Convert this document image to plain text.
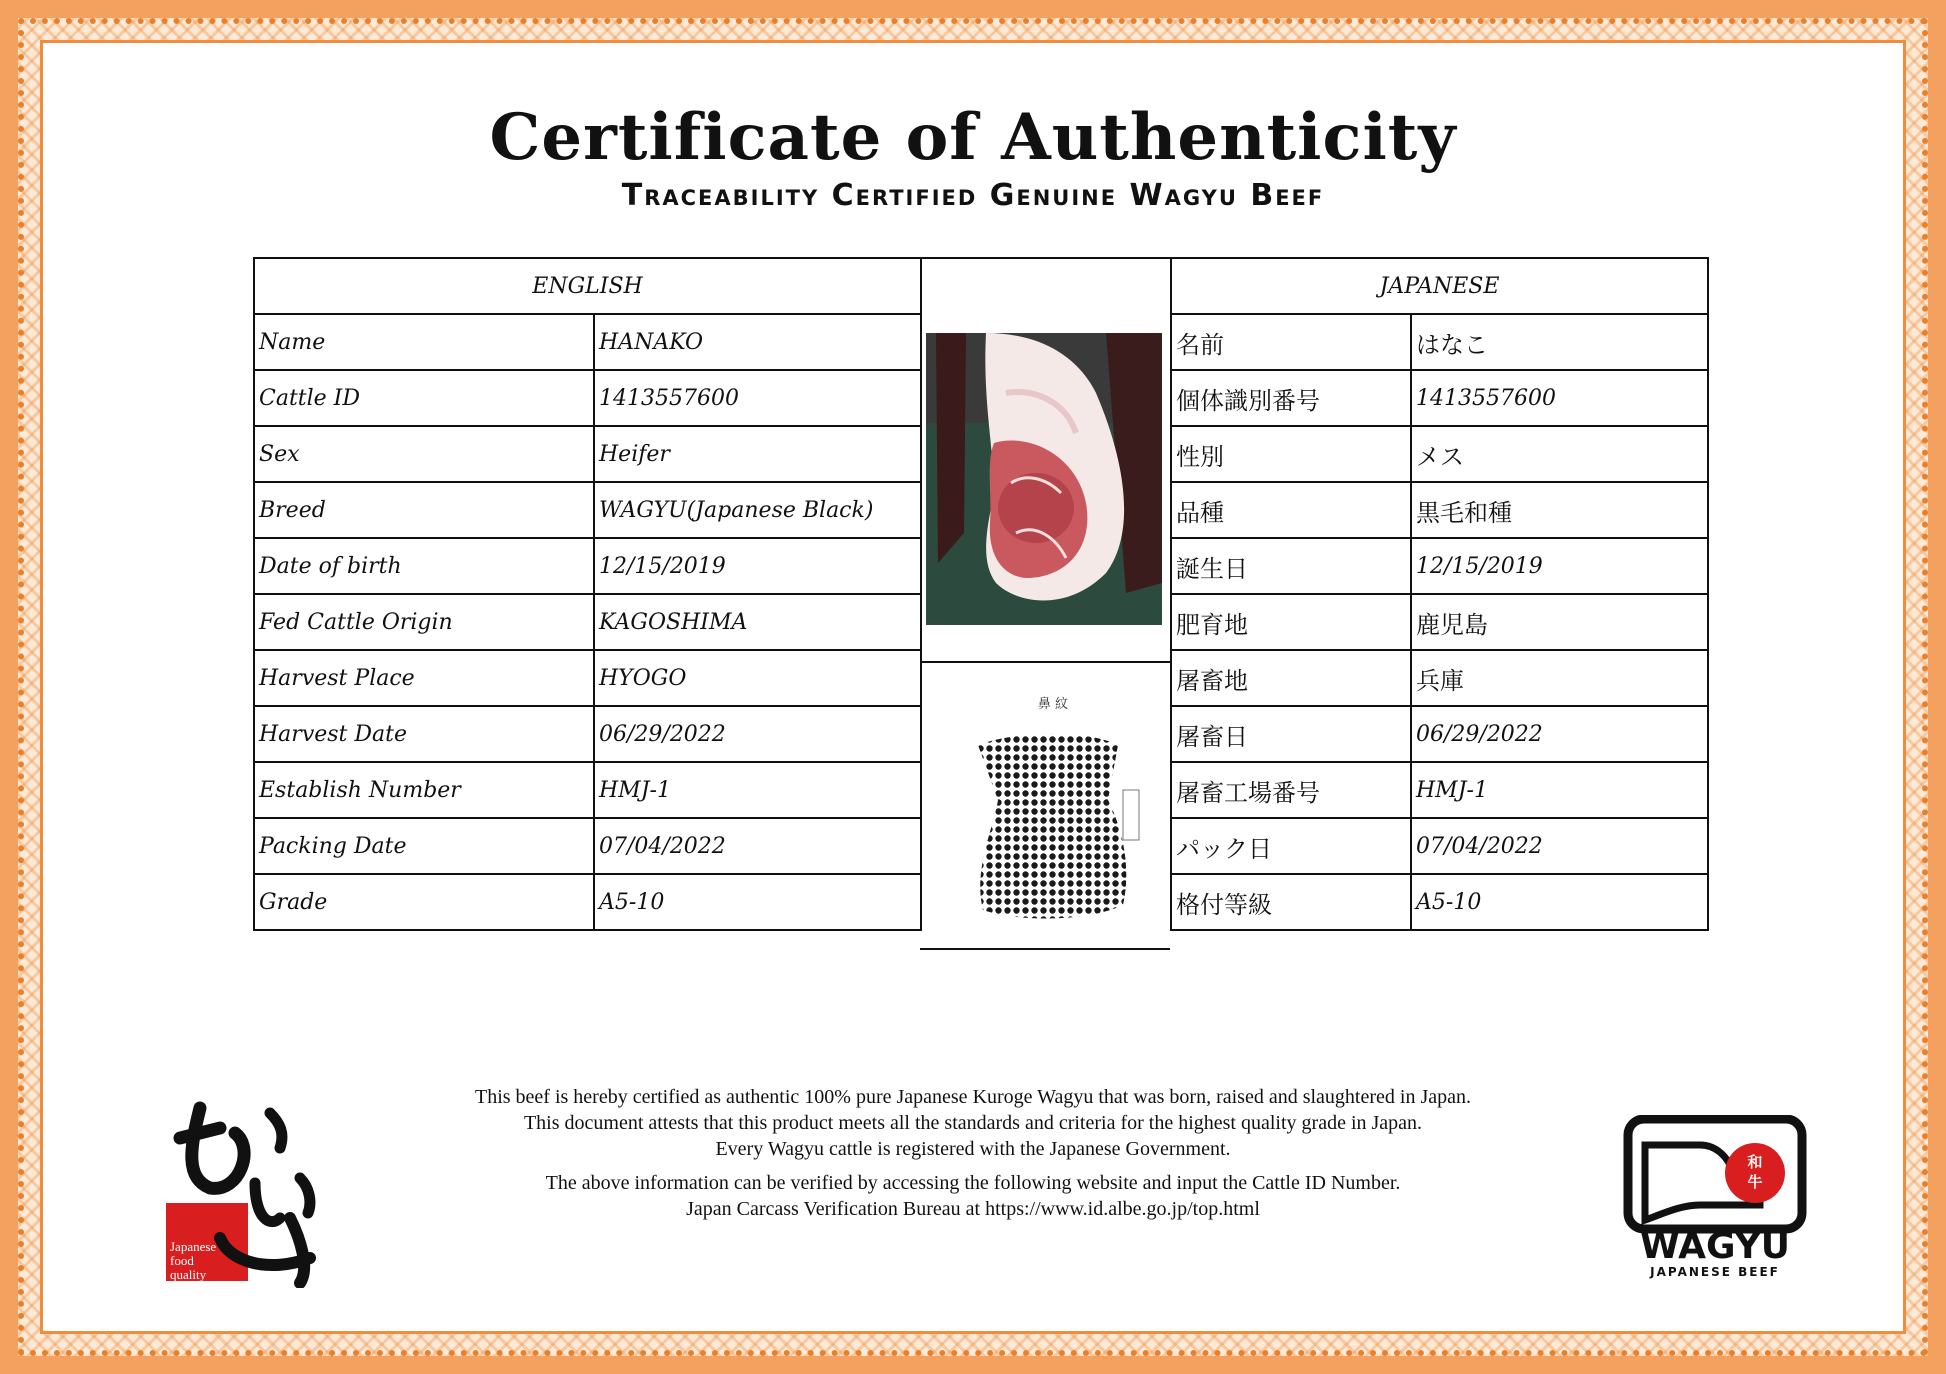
Certificate of Authenticity
Traceability Certified Genuine Wagyu Beef
ENGLISH	
Name	HANAKO
Cattle ID	1413557600
Sex	Heifer
Breed	WAGYU(Japanese Black)
Date of birth	12/15/2019
Fed Cattle Origin	KAGOSHIMA
Harvest Place	HYOGO
Harvest Date	06/29/2022
Establish Number	HMJ-1
Packing Date	07/04/2022
Grade	A5-10
鼻 紋
JAPANESE	
名前	はなこ
個体識別番号	1413557600
性別	メス
品種	黒毛和種
誕生日	12/15/2019
肥育地	鹿児島
屠畜地	兵庫
屠畜日	06/29/2022
屠畜工場番号	HMJ-1
パック日	07/04/2022
格付等級	A5-10
This beef is hereby certified as authentic 100% pure Japanese Kuroge Wagyu that was born, raised and slaughtered in Japan.
This document attests that this product meets all the standards and criteria for the highest quality grade in Japan.
Every Wagyu cattle is registered with the Japanese Government.
The above information can be verified by accessing the following website and input the Cattle ID Number.
Japan Carcass Verification Bureau at https://www.id.albe.go.jp/top.html
Japanese
food
quality
和
牛
WAGYU
JAPANESE BEEF
